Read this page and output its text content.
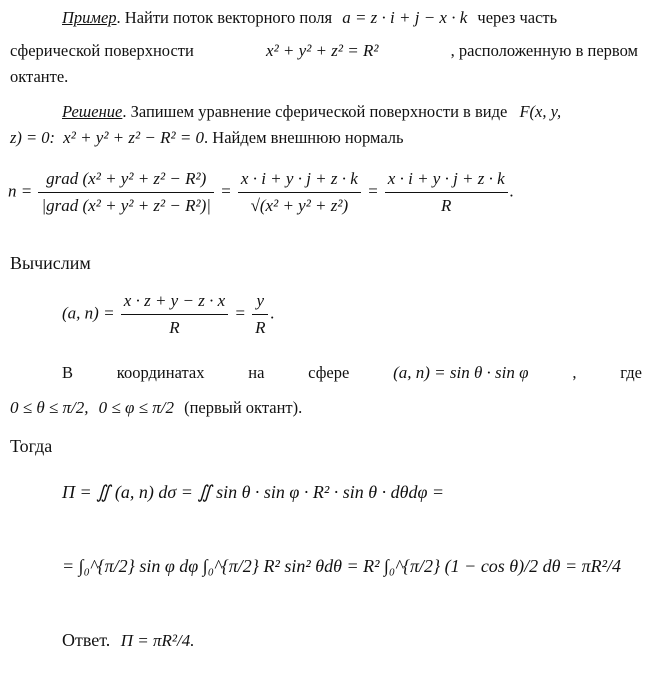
Пример. Найти поток векторного поля a = z · i + j − x · k через часть
сферической поверхности	x² + y² + z² = R²	, расположенную в первом
октанте.
Решение. Запишем уравнение сферической поверхности в виде F(x, y,
z) = 0: x² + y² + z² − R² = 0. Найдем внешнюю нормаль
$n = \frac{\text{grad (x² + y² + z² − R²)}}{\text{|grad (x² + y² + z² − R²)|}} = \frac{x \cdot i + y \cdot j + z \cdot k}{\text{√(x² + y² + z²)}} = \frac{x \cdot i + y \cdot j + z \cdot k}{R}$ .
Вычислим
(a, $n) = \frac{x \cdot z + y - z \cdot x}{R} = \frac{y}{R}$ .
В	координатах	на	сфере	(a, n) = sin θ · sin φ	,	где
0 ≤ θ ≤ π/2, 0 ≤ φ ≤ π/2 (первый октант).
Тогда
Π = ∬ (a, n) dσ = ∬ sin θ · sin φ · R² · sin θ · dθdφ =
= ∫₀^{π/2} sin φ dφ ∫₀^{π/2} R² sin² θdθ = R² ∫₀^{π/2} (1 − cos θ)/2 dθ = πR²/4
Ответ. Π = πR²/4.
